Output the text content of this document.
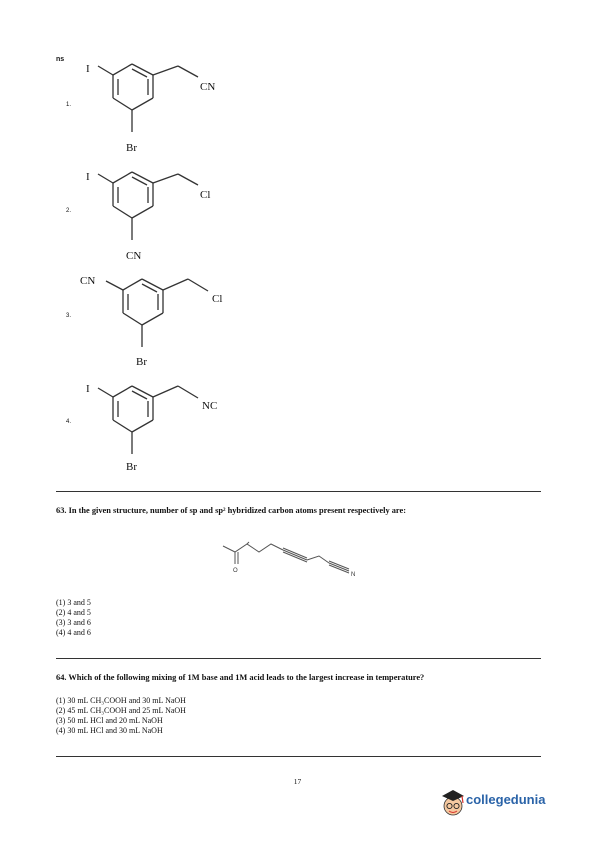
ns
1.
I
CN
Br
2.
I
Cl
CN
3.
CN
Cl
Br
4.
I
NC
Br
63. In the given structure, number of sp and sp² hybridized carbon atoms present respectively are:
O
N
(1) 3 and 5
(2) 4 and 5
(3) 3 and 6
(4) 4 and 6
64. Which of the following mixing of 1M base and 1M acid leads to the largest increase in temperature?
(1) 30 mL CH₃COOH and 30 mL NaOH
(2) 45 mL CH₃COOH and 25 mL NaOH
(3) 50 mL HCl and 20 mL NaOH
(4) 30 mL HCl and 30 mL NaOH
17
collegedunia
